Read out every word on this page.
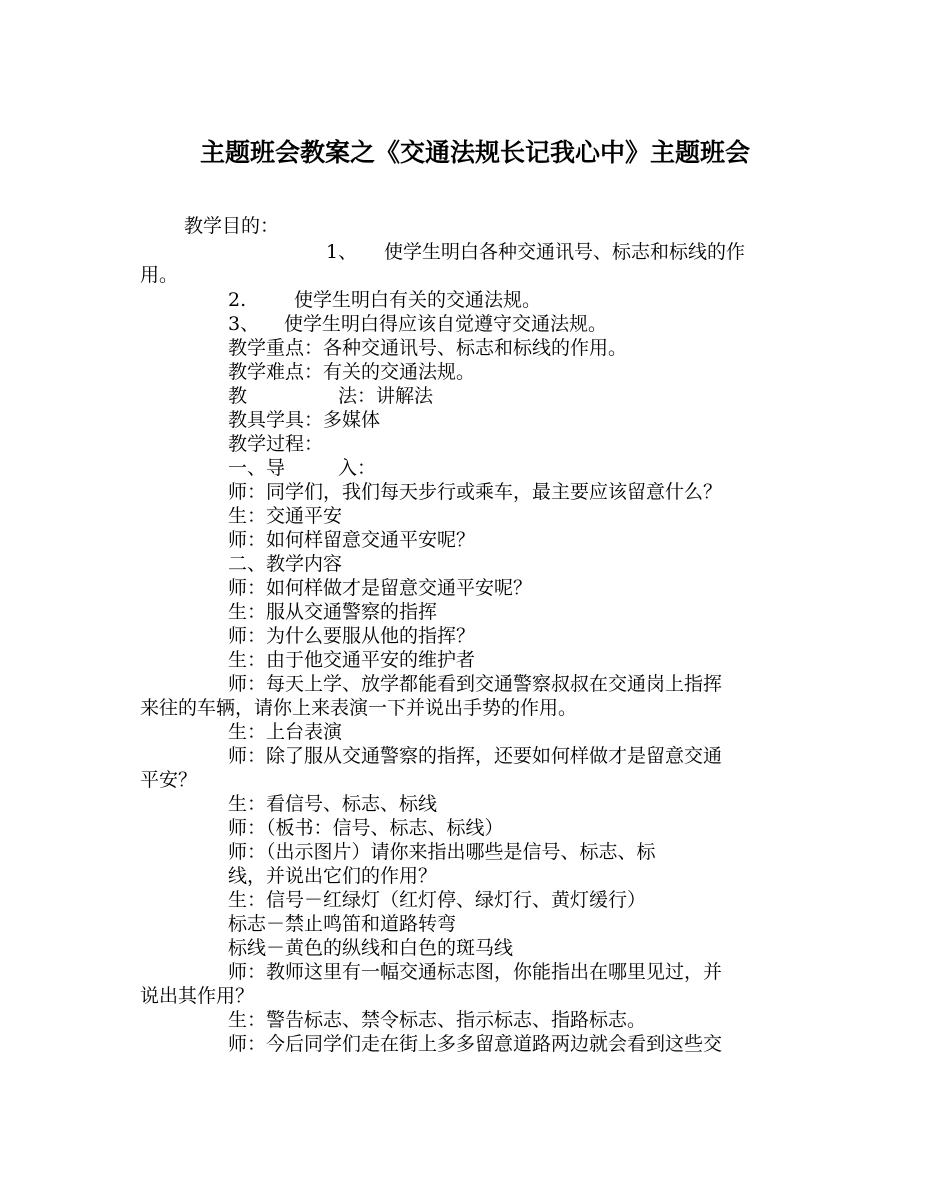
主题班会教案之《交通法规长记我心中》主题班会
教学目的：
1、 使学生明白各种交通讯号、标志和标线的作
用。
2.	使学生明白有关的交通法规。
3、 使学生明白得应该自觉遵守交通法规。
教学重点：各种交通讯号、标志和标线的作用。
教学难点：有关的交通法规。
教	法：讲解法
教具学具：多媒体
教学过程：
一、导	入：
师：同学们，我们每天步行或乘车，最主要应该留意什么？
生：交通平安
师：如何样留意交通平安呢？
二、教学内容
师：如何样做才是留意交通平安呢？
生：服从交通警察的指挥
师：为什么要服从他的指挥？
生：由于他交通平安的维护者
师：每天上学、放学都能看到交通警察叔叔在交通岗上指挥
来往的车辆，请你上来表演一下并说出手势的作用。
生：上台表演
师：除了服从交通警察的指挥，还要如何样做才是留意交通
平安？
生：看信号、标志、标线
师：（板书：信号、标志、标线）
师：（出示图片）请你来指出哪些是信号、标志、标
线，并说出它们的作用？
生：信号－红绿灯（红灯停、绿灯行、黄灯缓行）
标志－禁止鸣笛和道路转弯
标线－黄色的纵线和白色的斑马线
师：教师这里有一幅交通标志图，你能指出在哪里见过，并
说出其作用？
生：警告标志、禁令标志、指示标志、指路标志。
师：今后同学们走在街上多多留意道路两边就会看到这些交
